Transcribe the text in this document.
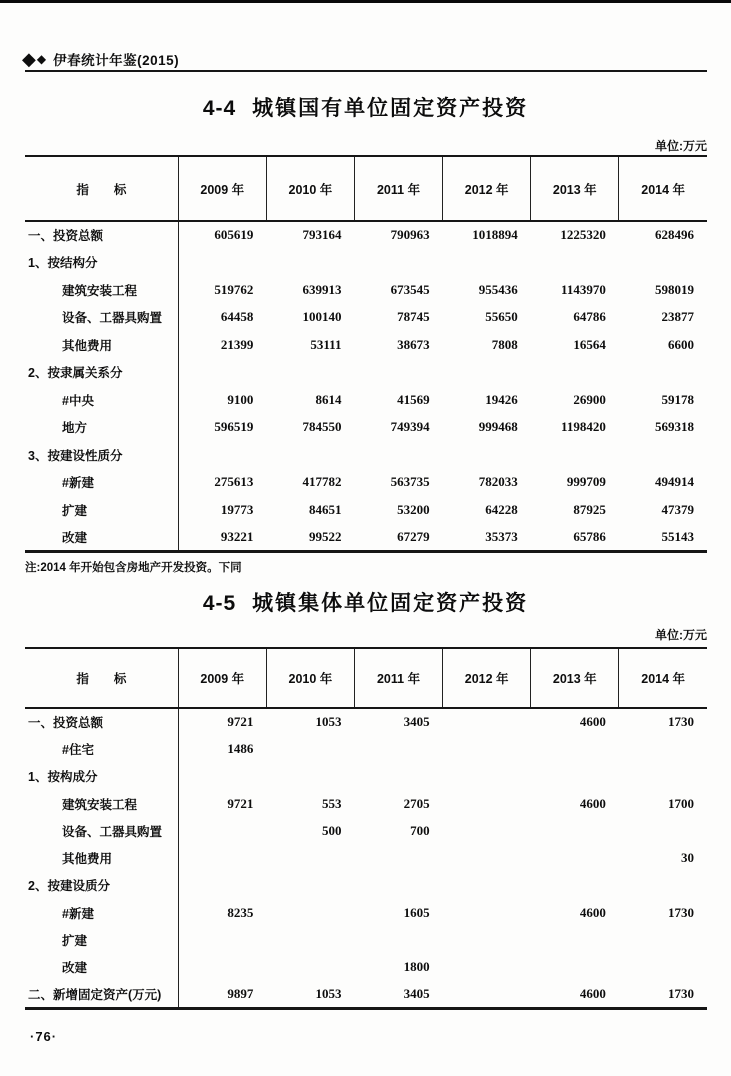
◆ ◆ 伊春统计年鉴(2015)
4-4 城镇国有单位固定资产投资
单位:万元
指　　标	2009 年	2010 年	2011 年	2012 年	2013 年	2014 年
一、投资总额	605619	793164	790963	1018894	1225320	628496
1、按结构分						
建筑安装工程	519762	639913	673545	955436	1143970	598019
设备、工器具购置	64458	100140	78745	55650	64786	23877
其他费用	21399	53111	38673	7808	16564	6600
2、按隶属关系分						
#中央	9100	8614	41569	19426	26900	59178
地方	596519	784550	749394	999468	1198420	569318
3、按建设性质分						
#新建	275613	417782	563735	782033	999709	494914
扩建	19773	84651	53200	64228	87925	47379
改建	93221	99522	67279	35373	65786	55143
注:2014 年开始包含房地产开发投资。下同
4-5 城镇集体单位固定资产投资
单位:万元
指　　标	2009 年	2010 年	2011 年	2012 年	2013 年	2014 年
一、投资总额	9721	1053	3405		4600	1730
#住宅	1486					
1、按构成分						
建筑安装工程	9721	553	2705		4600	1700
设备、工器具购置		500	700			
其他费用						30
2、按建设质分						
#新建	8235		1605		4600	1730
扩建						
改建			1800			
二、新增固定资产(万元)	9897	1053	3405		4600	1730
·76·
